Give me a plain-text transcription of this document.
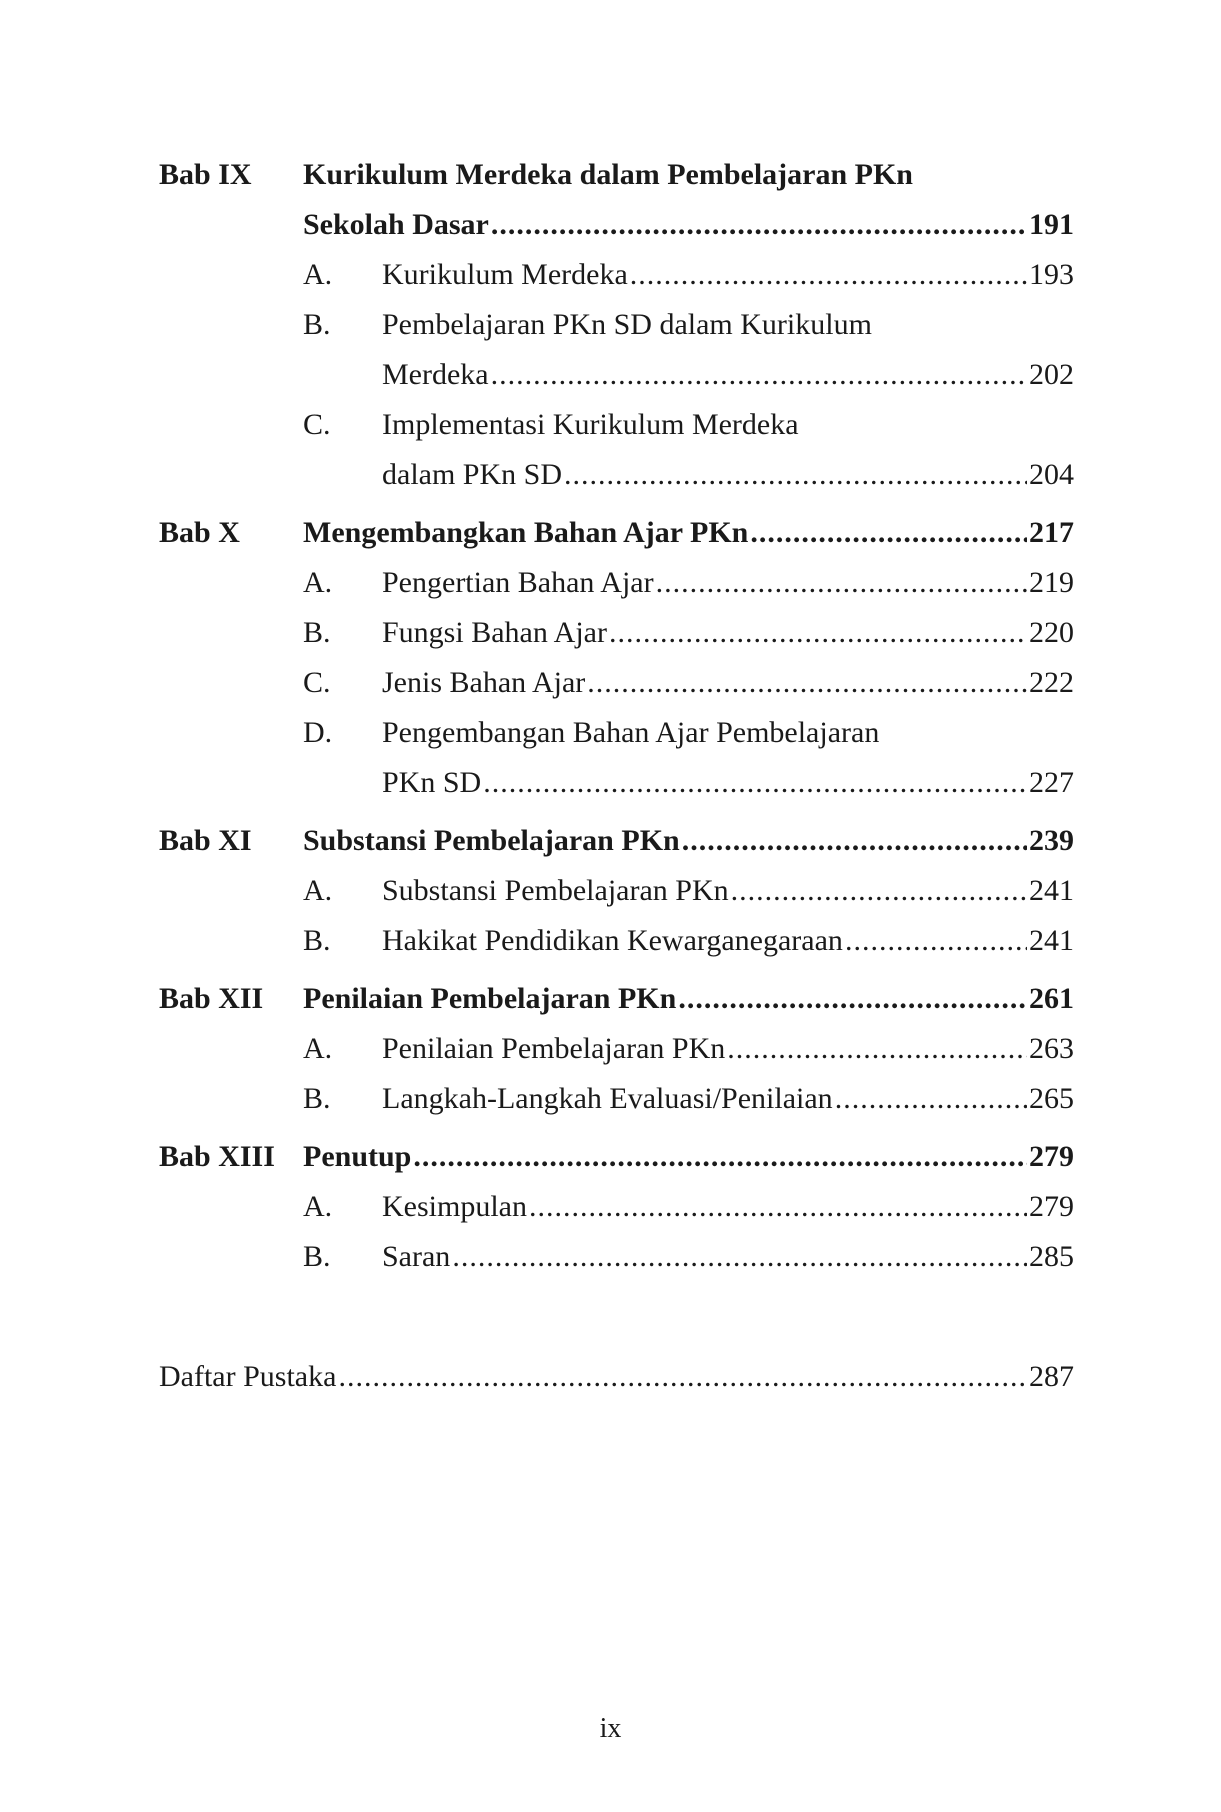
Bab IX	Kurikulum Merdeka dalam Pembelajaran PKn
Sekolah Dasar .....	191
A.	Kurikulum Merdeka .....	193
B.	Pembelajaran PKn SD dalam Kurikulum
Merdeka .....	202
C.	Implementasi Kurikulum Merdeka
dalam PKn SD .....	204
Bab X	Mengembangkan Bahan Ajar PKn .....	217
A.	Pengertian Bahan Ajar .....	219
B.	Fungsi Bahan Ajar .....	220
C.	Jenis Bahan Ajar .....	222
D.	Pengembangan Bahan Ajar Pembelajaran
PKn SD .....	227
Bab XI	Substansi Pembelajaran PKn .....	239
A.	Substansi Pembelajaran PKn .....	241
B.	Hakikat Pendidikan Kewarganegaraan .....	241
Bab XII	Penilaian Pembelajaran PKn .....	261
A.	Penilaian Pembelajaran PKn .....	263
B.	Langkah-Langkah Evaluasi/Penilaian .....	265
Bab XIII Penutup .....	279
A.	Kesimpulan .....	279
B.	Saran .....	285
Daftar Pustaka .....	287
ix
